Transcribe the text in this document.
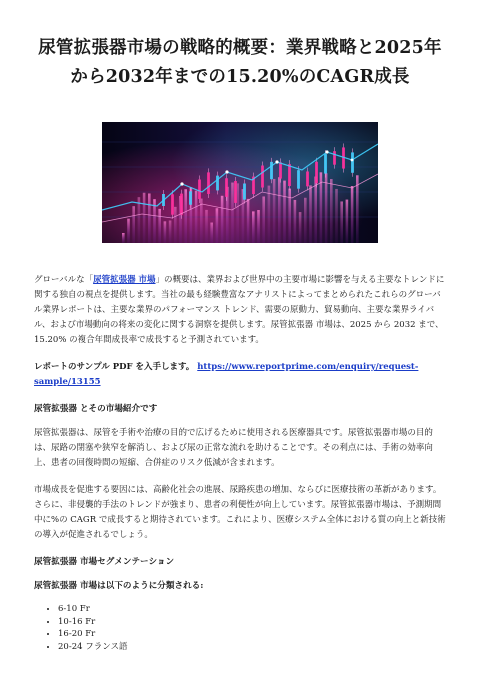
尿管拡張器市場の戦略的概要：業界戦略と2025年から2032年までの15.20%のCAGR成長

グローバルな「尿管拡張器 市場」の概要は、業界および世界中の主要市場に影響を与える主要なトレンドに関する独自の視点を提供します。当社の最も経験豊富なアナリストによってまとめられたこれらのグローバル業界レポートは、主要な業界のパフォーマンス トレンド、需要の原動力、貿易動向、主要な業界ライバル、および市場動向の将来の変化に関する洞察を提供します。尿管拡張器 市場は、2025 から 2032 まで、15.20% の複合年間成長率で成長すると予測されています。

レポートのサンプル PDF を入手します。 https://www.reportprime.com/enquiry/request-sample/13155

尿管拡張器 とその市場紹介です

尿管拡張器は、尿管を手術や治療の目的で広げるために使用される医療器具です。尿管拡張器市場の目的は、尿路の閉塞や狭窄を解消し、および尿の正常な流れを助けることです。その利点には、手術の効率向上、患者の回復時間の短縮、合併症のリスク低減が含まれます。

市場成長を促進する要因には、高齢化社会の進展、尿路疾患の増加、ならびに医療技術の革新があります。さらに、非侵襲的手法のトレンドが強まり、患者の利便性が向上しています。尿管拡張器市場は、予測期間中に%の CAGR で成長すると期待されています。これにより、医療システム全体における質の向上と新技術の導入が促進されるでしょう。

尿管拡張器 市場セグメンテーション
尿管拡張器 市場は以下のように分類される:
• 6-10 Fr
• 10-16 Fr
• 16-20 Fr
• 20-24 フランス語
